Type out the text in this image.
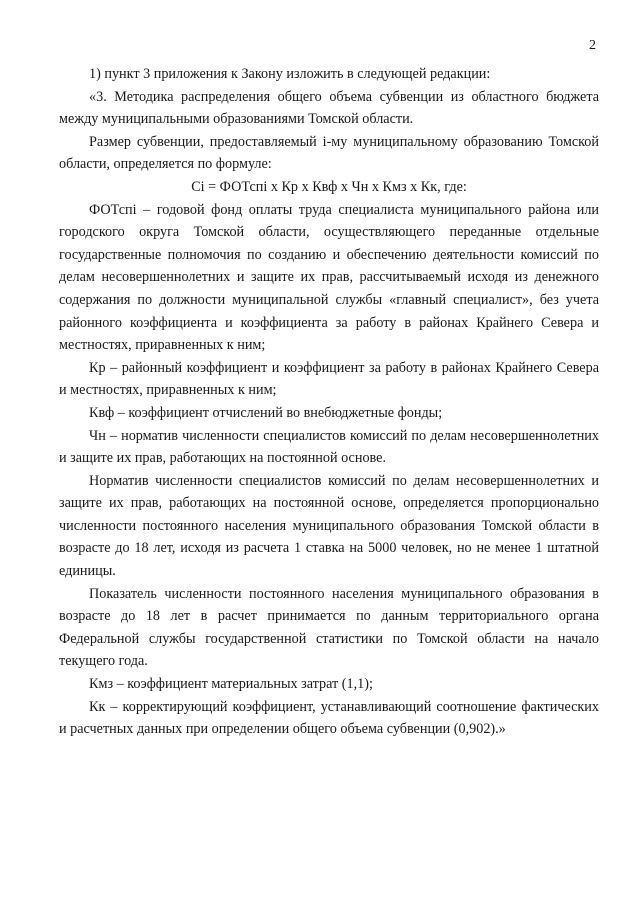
2

1) пункт 3 приложения к Закону изложить в следующей редакции:

«3. Методика распределения общего объема субвенции из областного бюджета между муниципальными образованиями Томской области.

Размер субвенции, предоставляемый i-му муниципальному образованию Томской области, определяется по формуле:

Сi = ФОТспi х Кр х Квф х Чн х Кмз х Кк, где:

ФОТспi – годовой фонд оплаты труда специалиста муниципального района или городского округа Томской области, осуществляющего переданные отдельные государственные полномочия по созданию и обеспечению деятельности комиссий по делам несовершеннолетних и защите их прав, рассчитываемый исходя из денежного содержания по должности муниципальной службы «главный специалист», без учета районного коэффициента и коэффициента за работу в районах Крайнего Севера и местностях, приравненных к ним;

Кр – районный коэффициент и коэффициент за работу в районах Крайнего Севера и местностях, приравненных к ним;

Квф – коэффициент отчислений во внебюджетные фонды;

Чн – норматив численности специалистов комиссий по делам несовершеннолетних и защите их прав, работающих на постоянной основе.

Норматив численности специалистов комиссий по делам несовершеннолетних и защите их прав, работающих на постоянной основе, определяется пропорционально численности постоянного населения муниципального образования Томской области в возрасте до 18 лет, исходя из расчета 1 ставка на 5000 человек, но не менее 1 штатной единицы.

Показатель численности постоянного населения муниципального образования в возрасте до 18 лет в расчет принимается по данным территориального органа Федеральной службы государственной статистики по Томской области на начало текущего года.

Кмз – коэффициент материальных затрат (1,1);

Кк – корректирующий коэффициент, устанавливающий соотношение фактических и расчетных данных при определении общего объема субвенции (0,902).»
